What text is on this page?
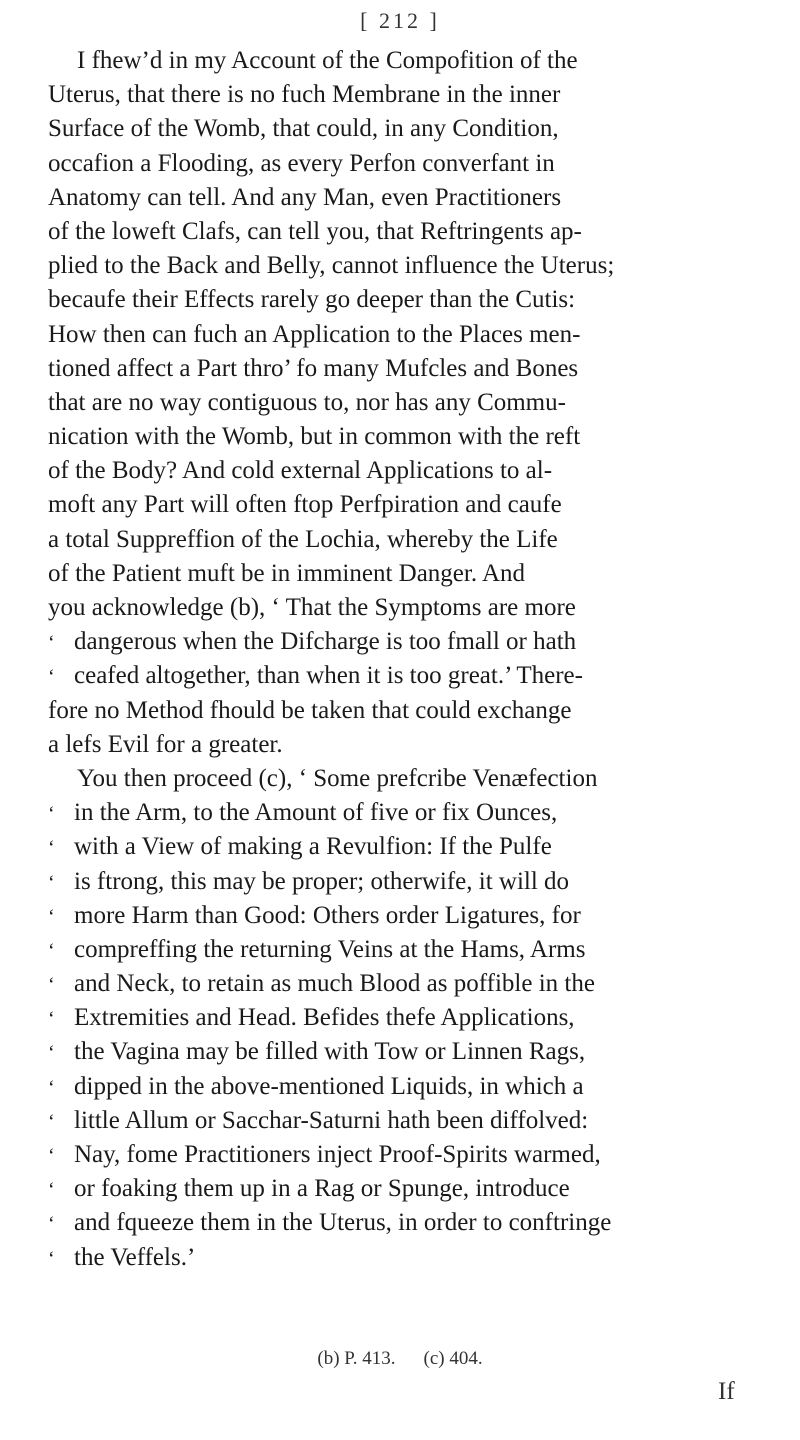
[ 212 ]
I fhew’d in my Account of the Compofition of the
Uterus, that there is no fuch Membrane in the inner
Surface of the Womb, that could, in any Condition,
occafion a Flooding, as every Perfon converfant in
Anatomy can tell. And any Man, even Practitioners
of the loweft Clafs, can tell you, that Reftringents ap-
plied to the Back and Belly, cannot influence the Uterus;
becaufe their Effects rarely go deeper than the Cutis:
How then can fuch an Application to the Places men-
tioned affect a Part thro’ fo many Mufcles and Bones
that are no way contiguous to, nor has any Commu-
nication with the Womb, but in common with the reft
of the Body? And cold external Applications to al-
moft any Part will often ftop Perfpiration and caufe
a total Suppreffion of the Lochia, whereby the Life
of the Patient muft be in imminent Danger. And
you acknowledge (b), ‘ That the Symptoms are more
‘ dangerous when the Difcharge is too fmall or hath
‘ ceafed altogether, than when it is too great.’ There-
fore no Method fhould be taken that could exchange
a lefs Evil for a greater.
You then proceed (c), ‘ Some prefcribe Venæfection
‘ in the Arm, to the Amount of five or fix Ounces,
‘ with a View of making a Revulfion: If the Pulfe
‘ is ftrong, this may be proper; otherwife, it will do
‘ more Harm than Good: Others order Ligatures, for
‘ compreffing the returning Veins at the Hams, Arms
‘ and Neck, to retain as much Blood as poffible in the
‘ Extremities and Head. Befides thefe Applications,
‘ the Vagina may be filled with Tow or Linnen Rags,
‘ dipped in the above-mentioned Liquids, in which a
‘ little Allum or Sacchar-Saturni hath been diffolved:
‘ Nay, fome Practitioners inject Proof-Spirits warmed,
‘ or foaking them up in a Rag or Spunge, introduce
‘ and fqueeze them in the Uterus, in order to conftringe
‘ the Veffels.’
(b) P. 413. (c) 404.
If
